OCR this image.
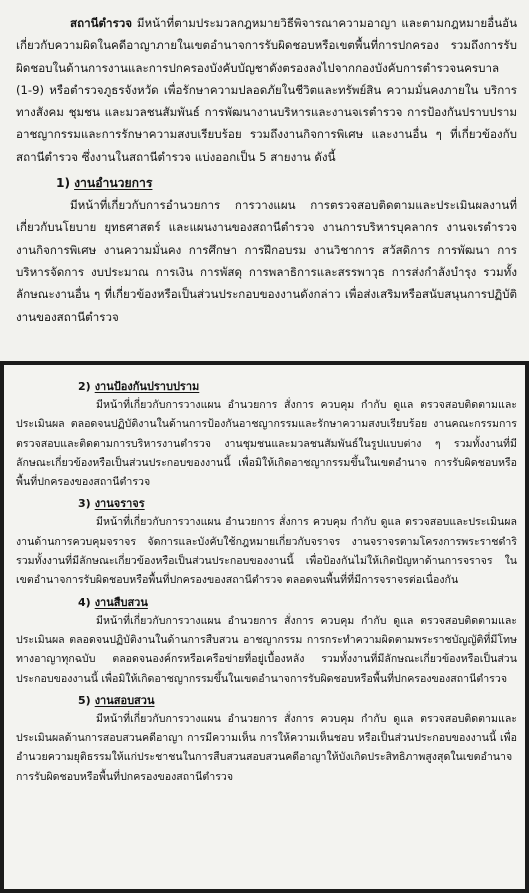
สถานีตำรวจ มีหน้าที่ตามประมวลกฎหมายวิธีพิจารณาความอาญา และตามกฎหมายอื่นอันเกี่ยวกับความผิดในคดีอาญาภายในเขตอำนาจการรับผิดชอบหรือเขตพื้นที่การปกครอง รวมถึงการรับผิดชอบในด้านการงานและการปกครองบังคับบัญชาดังตรองลงไปจากกองบังคับการตำรวจนครบาล (1-9) หรือตำรวจภูธรจังหวัด เพื่อรักษาความปลอดภัยในชีวิตและทรัพย์สิน ความมั่นคงภายใน บริการทางสังคม ชุมชน และมวลชนสัมพันธ์ การพัฒนางานบริหารและงานจเรตำรวจ การป้องกันปราบปรามอาชญากรรมและการรักษาความสงบเรียบร้อย รวมถึงงานกิจการพิเศษ และงานอื่น ๆ ที่เกี่ยวข้องกับสถานีตำรวจ ซึ่งงานในสถานีตำรวจ แบ่งออกเป็น 5 สายงาน ดังนี้

1) งานอำนวยการ

มีหน้าที่เกี่ยวกับการอำนวยการ การวางแผน การตรวจสอบติดตามและประเมินผลงานที่เกี่ยวกับนโยบาย ยุทธศาสตร์ และแผนงานของสถานีตำรวจ งานการบริหารบุคลากร งานจเรตำรวจ งานกิจการพิเศษ งานความมั่นคง การศึกษา การฝึกอบรม งานวิชาการ สวัสดิการ การพัฒนา การบริหารจัดการ งบประมาณ การเงิน การพัสดุ การพลาธิการและสรรพาวุธ การส่งกำลังบำรุง รวมทั้งลักษณะงานอื่น ๆ ที่เกี่ยวข้องหรือเป็นส่วนประกอบของงานดังกล่าว เพื่อส่งเสริมหรือสนับสนุนการปฏิบัติงานของสถานีตำรวจ

2) งานป้องกันปราบปราม

มีหน้าที่เกี่ยวกับการวางแผน อำนวยการ สั่งการ ควบคุม กำกับ ดูแล ตรวจสอบติดตามและประเมินผล ตลอดจนปฏิบัติงานในด้านการป้องกันอาชญากรรมและรักษาความสงบเรียบร้อย งานคณะกรรมการตรวจสอบและติดตามการบริหารงานตำรวจ งานชุมชนและมวลชนสัมพันธ์ในรูปแบบต่าง ๆ รวมทั้งงานที่มีลักษณะเกี่ยวข้องหรือเป็นส่วนประกอบของงานนี้ เพื่อมิให้เกิดอาชญากรรมขึ้นในเขตอำนาจ การรับผิดชอบหรือพื้นที่ปกครองของสถานีตำรวจ

3) งานจราจร

มีหน้าที่เกี่ยวกับการวางแผน อำนวยการ สั่งการ ควบคุม กำกับ ดูแล ตรวจสอบและประเมินผลงานด้านการควบคุมจราจร จัดการและบังคับใช้กฎหมายเกี่ยวกับจราจร งานจราจรตามโครงการพระราชดำริ รวมทั้งงานที่มีลักษณะเกี่ยวข้องหรือเป็นส่วนประกอบของงานนี้ เพื่อป้องกันไม่ให้เกิดปัญหาด้านการจราจร ในเขตอำนาจการรับผิดชอบหรือพื้นที่ปกครองของสถานีตำรวจ ตลอดจนพื้นที่ที่มีการจราจรต่อเนื่องกัน

4) งานสืบสวน

มีหน้าที่เกี่ยวกับการวางแผน อำนวยการ สั่งการ ควบคุม กำกับ ดูแล ตรวจสอบติดตามและประเมินผล ตลอดจนปฏิบัติงานในด้านการสืบสวน อาชญากรรม การกระทำความผิดตามพระราชบัญญัติที่มีโทษทางอาญาทุกฉบับ ตลอดจนองค์กรหรือเครือข่ายที่อยู่เบื้องหลัง รวมทั้งงานที่มีลักษณะเกี่ยวข้องหรือเป็นส่วนประกอบของงานนี้ เพื่อมิให้เกิดอาชญากรรมขึ้นในเขตอำนาจการรับผิดชอบหรือพื้นที่ปกครองของสถานีตำรวจ

5) งานสอบสวน

มีหน้าที่เกี่ยวกับการวางแผน อำนวยการ สั่งการ ควบคุม กำกับ ดูแล ตรวจสอบติดตามและประเมินผลด้านการสอบสวนคดีอาญา การมีความเห็น การให้ความเห็นชอบ หรือเป็นส่วนประกอบของงานนี้ เพื่ออำนวยความยุติธรรมให้แก่ประชาชนในการสืบสวนสอบสวนคดีอาญาให้บังเกิดประสิทธิภาพสูงสุดในเขตอำนาจการรับผิดชอบหรือพื้นที่ปกครองของสถานีตำรวจ
